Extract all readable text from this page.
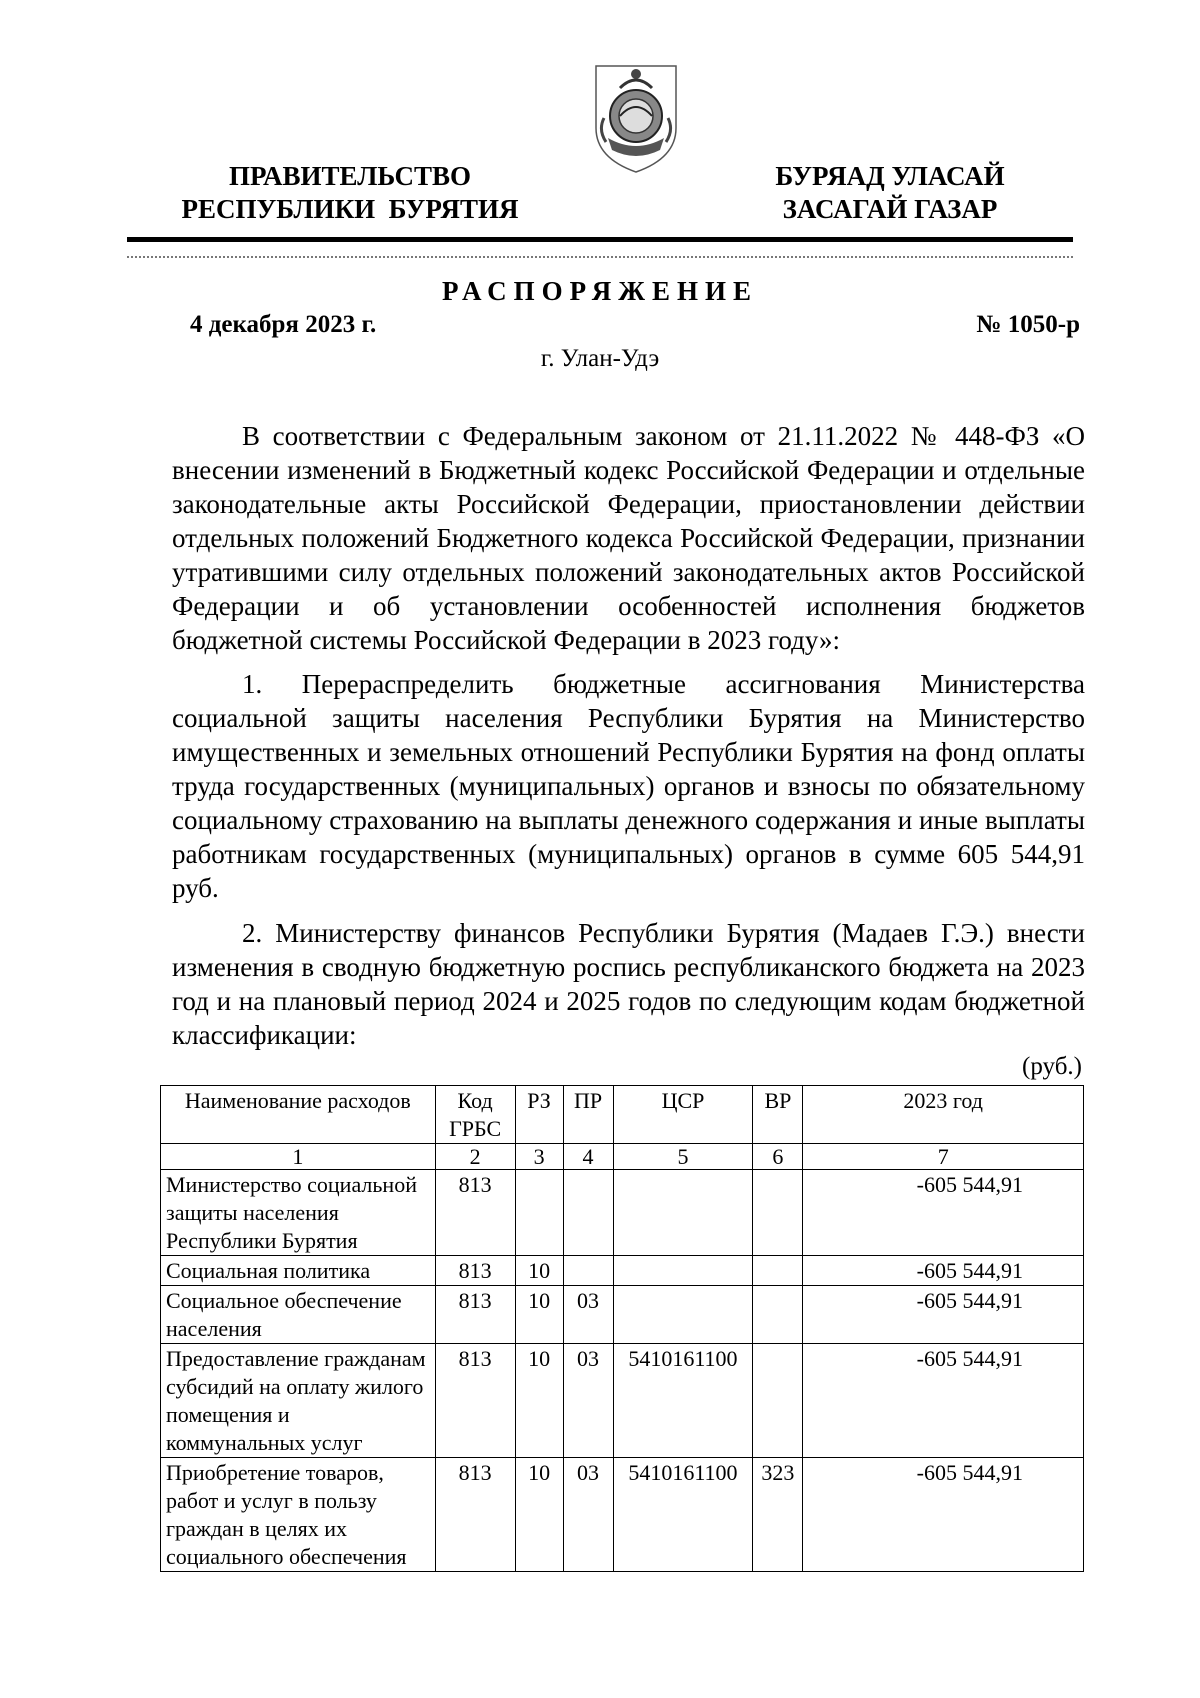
ПРАВИТЕЛЬСТВО
РЕСПУБЛИКИ  БУРЯТИЯ
БУРЯАД УЛАСАЙ
ЗАСАГАЙ ГАЗАР
РАСПОРЯЖЕНИЕ
4 декабря 2023 г.	№ 1050-р
г. Улан-Удэ

В соответствии с Федеральным законом от 21.11.2022 № 448-ФЗ «О внесении изменений в Бюджетный кодекс Российской Федерации и отдельные законодательные акты Российской Федерации, приостановлении действии отдельных положений Бюджетного кодекса Российской Федерации, признании утратившими силу отдельных положений законодательных актов Российской Федерации и об установлении особенностей исполнения бюджетов бюджетной системы Российской Федерации в 2023 году»:

1. Перераспределить бюджетные ассигнования Министерства социальной защиты населения Республики Бурятия на Министерство имущественных и земельных отношений Республики Бурятия на фонд оплаты труда государственных (муниципальных) органов и взносы по обязательному социальному страхованию на выплаты денежного содержания и иные выплаты работникам государственных (муниципальных) органов в сумме 605 544,91 руб.

2. Министерству финансов Республики Бурятия (Мадаев Г.Э.) внести изменения в сводную бюджетную роспись республиканского бюджета на 2023 год и на плановый период 2024 и 2025 годов по следующим кодам бюджетной классификации:

(руб.)
Наименование расходов	Код ГРБС	РЗ	ПР	ЦСР	ВР	2023 год
1	2	3	4	5	6	7
Министерство социальной защиты населения Республики Бурятия	813					-605 544,91
Социальная политика	813	10				-605 544,91
Социальное обеспечение населения	813	10	03			-605 544,91
Предоставление гражданам субсидий на оплату жилого помещения и коммунальных услуг	813	10	03	5410161100		-605 544,91
Приобретение товаров, работ и услуг в пользу граждан в целях их социального обеспечения	813	10	03	5410161100	323	-605 544,91
